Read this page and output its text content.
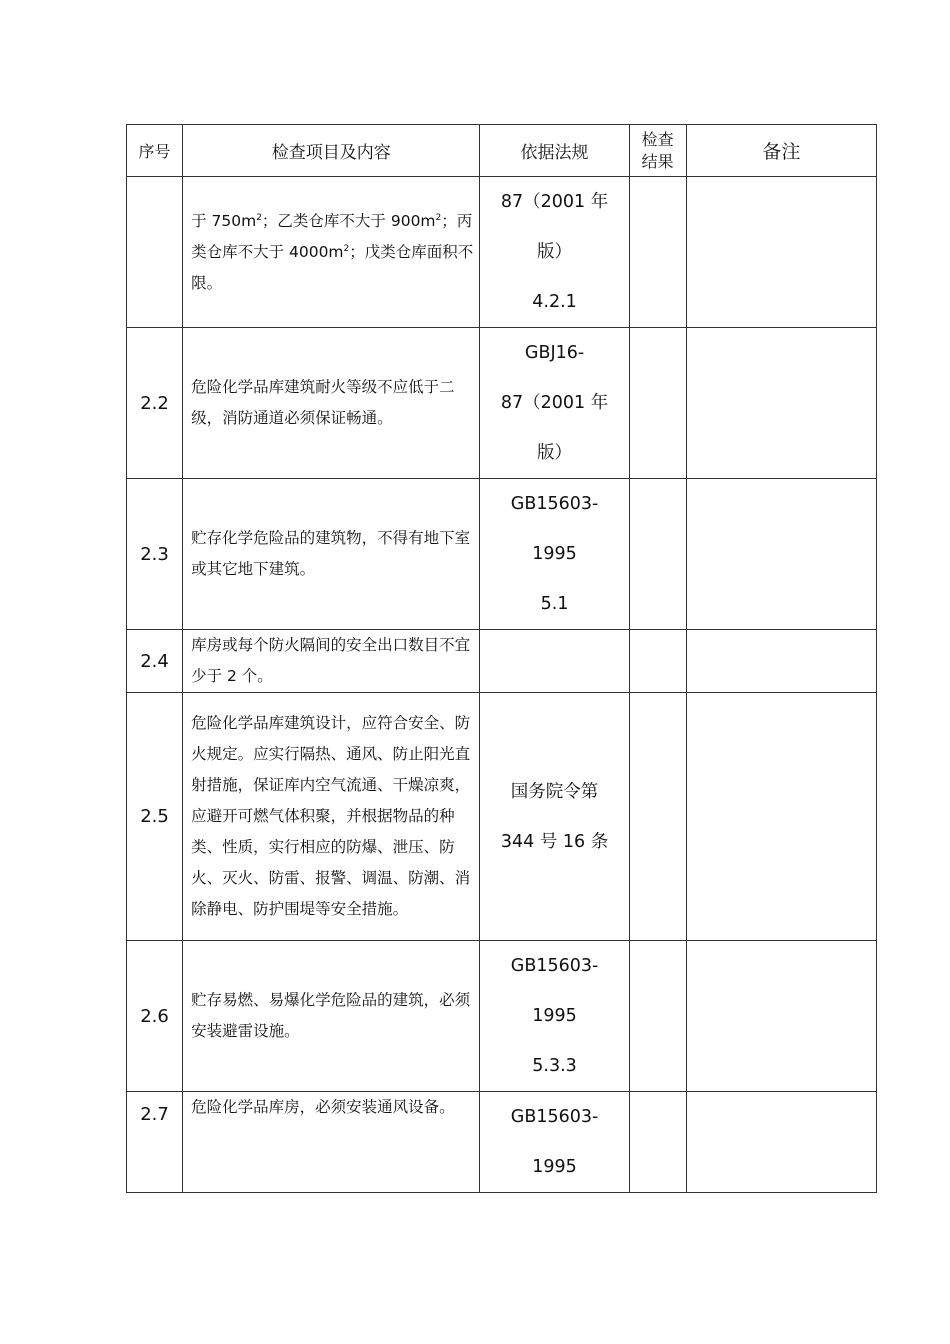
序号	检查项目及内容	依据法规	检查
结果	备注
	于 $750m^2$；乙类仓库不大于 $900m^2$；丙类仓库不大于 $4000m^2$；戊类仓库面积不限。	87（2001 年
版）
4.2.1		

2.2	危险化学品库建筑耐火等级不应低于二级，消防通道必须保证畅通。	GBJ16-
87（2001 年
版）		

2.3	贮存化学危险品的建筑物，不得有地下室或其它地下建筑。	GB15603-
1995
5.1		

2.4	库房或每个防火隔间的安全出口数目不宜少于 2 个。			
2.5	危险化学品库建筑设计，应符合安全、防火规定。应实行隔热、通风、防止阳光直射措施，保证库内空气流通、干燥凉爽，应避开可燃气体积聚，并根据物品的种类、性质，实行相应的防爆、泄压、防火、灭火、防雷、报警、调温、防潮、消除静电、防护围堤等安全措施。	国务院令第
344 号 16 条		

2.6	贮存易燃、易爆化学危险品的建筑，必须安装避雷设施。	GB15603-
1995
5.3.3		

2.7	危险化学品库房，必须安装通风设备。	GB15603-
1995		
